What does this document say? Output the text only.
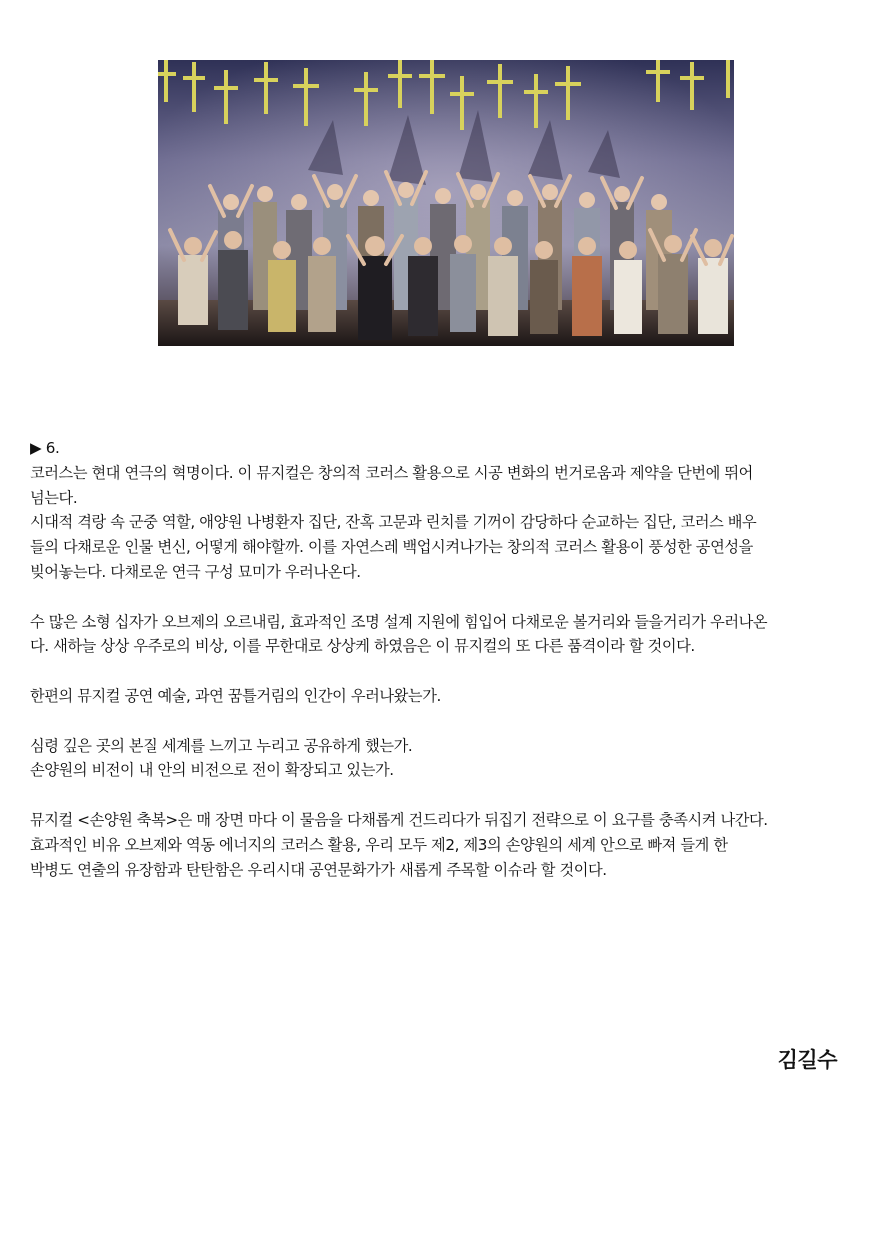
▶ 6.

코러스는 현대 연극의 혁명이다. 이 뮤지컬은 창의적 코러스 활용으로 시공 변화의 번거로움과 제약을 단번에 뛰어
넘는다.
시대적 격랑 속 군중 역할, 애양원 나병환자 집단, 잔혹 고문과 린치를 기꺼이 감당하다 순교하는 집단, 코러스 배우
들의 다채로운 인물 변신, 어떻게 해야할까. 이를 자연스레 백업시켜나가는 창의적 코러스 활용이 풍성한 공연성을
빚어놓는다. 다채로운 연극 구성 묘미가 우러나온다.

수 많은 소형 십자가 오브제의 오르내림, 효과적인 조명 설계 지원에 힘입어 다채로운 볼거리와 들을거리가 우러나온
다. 새하늘 상상 우주로의 비상, 이를 무한대로 상상케 하였음은 이 뮤지컬의 또 다른 품격이라 할 것이다.

한편의 뮤지컬 공연 예술, 과연 꿈틀거림의 인간이 우러나왔는가.

심령 깊은 곳의 본질 세계를 느끼고 누리고 공유하게 했는가.
손양원의 비전이 내 안의 비전으로 전이 확장되고 있는가.

뮤지컬 <손양원 축복>은 매 장면 마다 이 물음을 다채롭게 건드리다가 뒤집기 전략으로 이 요구를 충족시켜 나간다.
효과적인 비유 오브제와 역동 에너지의 코러스 활용, 우리 모두 제2, 제3의 손양원의 세계 안으로 빠져 들게 한
박병도 연출의 유장함과 탄탄함은 우리시대 공연문화가가 새롭게 주목할 이슈라 할 것이다.

김길수
